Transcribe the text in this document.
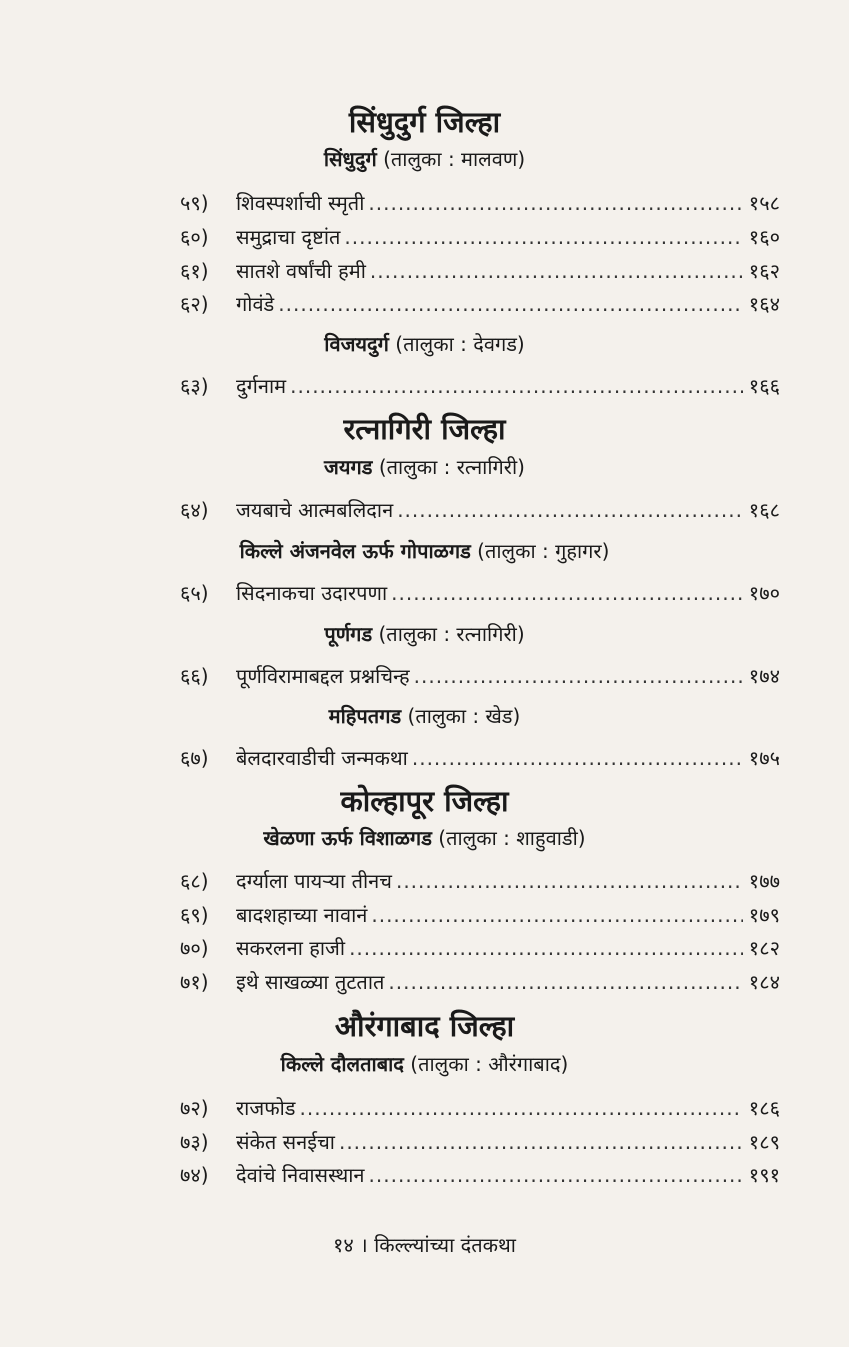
सिंधुदुर्ग जिल्हा
सिंधुदुर्ग (तालुका : मालवण)
५९)	शिवस्पर्शाची स्मृती .....	१५८
६०)	समुद्राचा दृष्टांत .....	१६०
६१)	सातशे वर्षांची हमी .....	१६२
६२)	गोवंडे .....	१६४
विजयदुर्ग (तालुका : देवगड)
६३)	दुर्गनाम .....	१६६
रत्नागिरी जिल्हा
जयगड (तालुका : रत्नागिरी)
६४)	जयबाचे आत्मबलिदान .....	१६८
किल्ले अंजनवेल ऊर्फ गोपाळगड (तालुका : गुहागर)
६५)	सिदनाकचा उदारपणा .....	१७०
पूर्णगड (तालुका : रत्नागिरी)
६६)	पूर्णविरामाबद्दल प्रश्नचिन्ह .....	१७४
महिपतगड (तालुका : खेड)
६७)	बेलदारवाडीची जन्मकथा .....	१७५
कोल्हापूर जिल्हा
खेळणा ऊर्फ विशाळगड (तालुका : शाहुवाडी)
६८)	दर्ग्याला पायऱ्या तीनच .....	१७७
६९)	बादशहाच्या नावानं .....	१७९
७०)	सकरलना हाजी .....	१८२
७१)	इथे साखळ्या तुटतात .....	१८४
औरंगाबाद जिल्हा
किल्ले दौलताबाद (तालुका : औरंगाबाद)
७२)	राजफोड .....	१८६
७३)	संकेत सनईचा .....	१८९
७४)	देवांचे निवासस्थान .....	१९१
१४ । किल्ल्यांच्या दंतकथा
